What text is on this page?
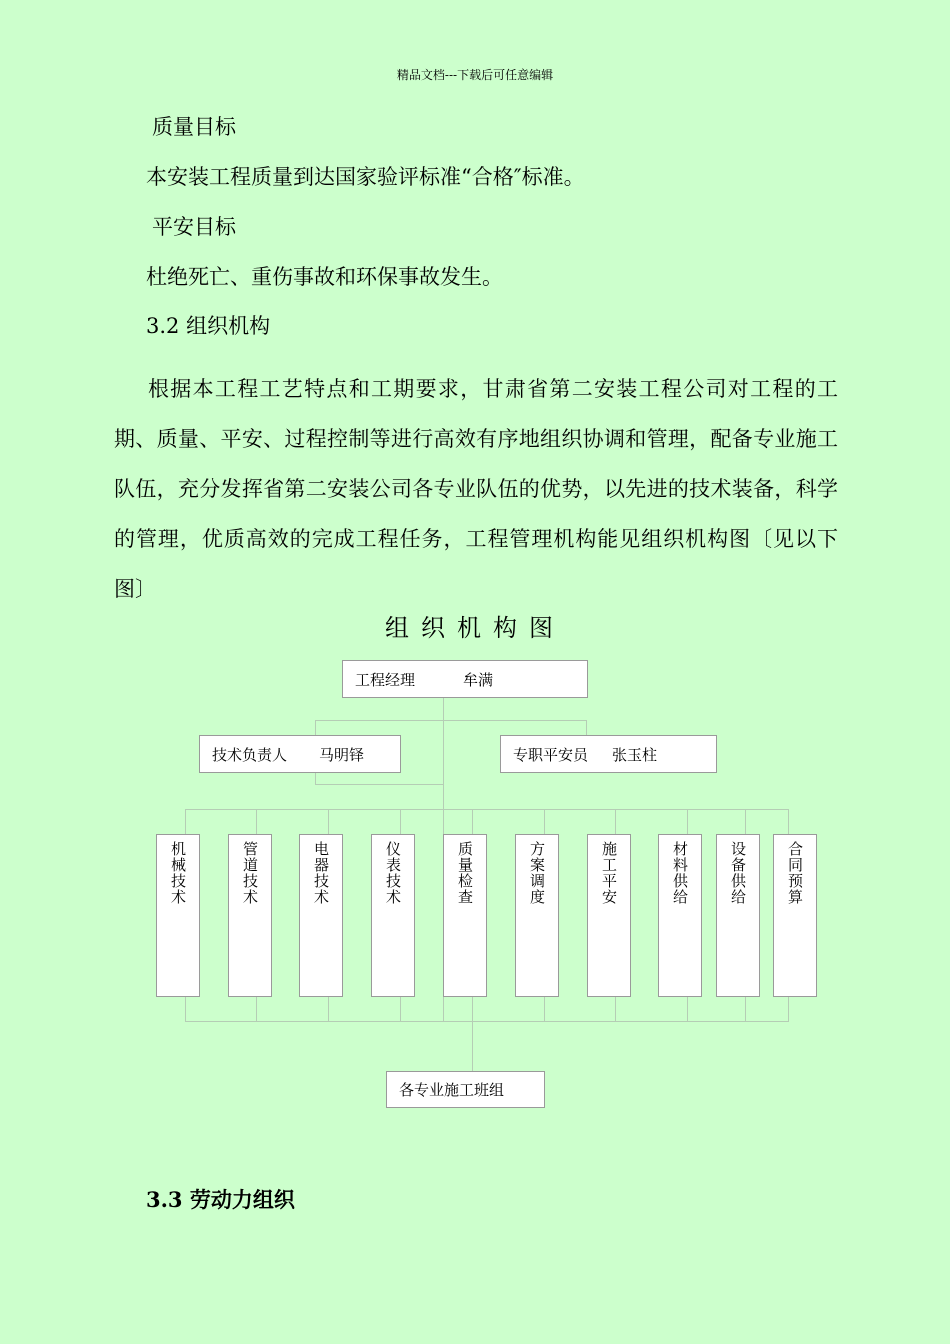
精品文档---下载后可任意编辑
质量目标
本安装工程质量到达国家验评标准“合格″标准。
平安目标
杜绝死亡、重伤事故和环保事故发生。
3.2 组织机构
根据本工程工艺特点和工期要求，甘肃省第二安装工程公司对工程的工期、质量、平安、过程控制等进行高效有序地组织协调和管理，配备专业施工队伍，充分发挥省第二安装公司各专业队伍的优势，以先进的技术装备，科学的管理，优质高效的完成工程任务，工程管理机构能见组织机构图〔见以下图〕
组织机构图
工程经理	牟满
技术负责人 马明铎	专职平安员 张玉柱
机械技术	管道技术	电器技术	仪表技术	质量检查	方案调度	施工平安	材料供给	设备供给	合同预算
各专业施工班组
3.3 劳动力组织
